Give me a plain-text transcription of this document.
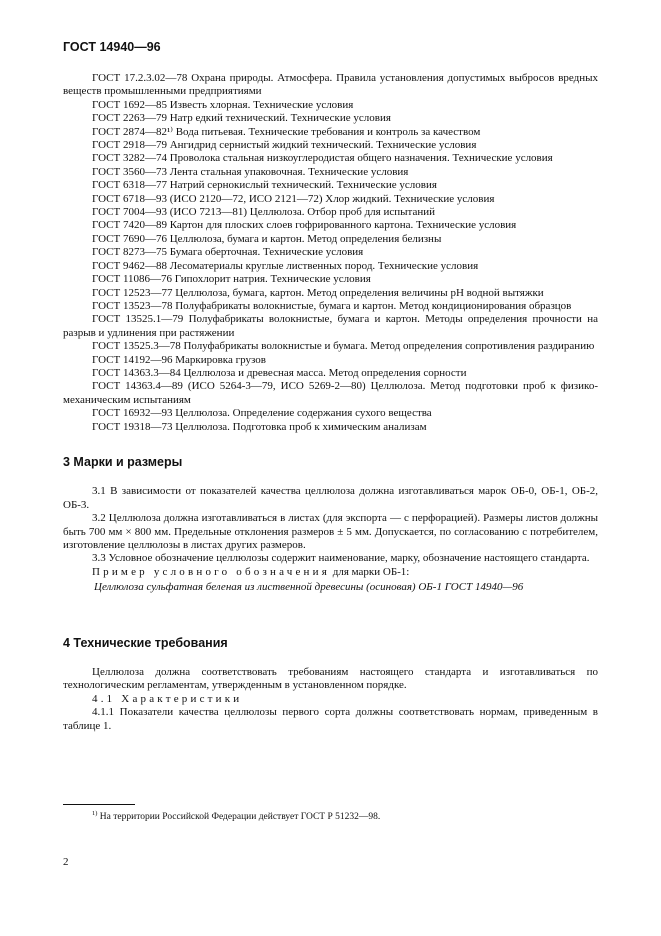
ГОСТ 14940—96

ГОСТ 17.2.3.02—78 Охрана природы. Атмосфера. Правила установления допустимых выбросов вредных веществ промышленными предприятиями

ГОСТ 1692—85 Известь хлорная. Технические условия

ГОСТ 2263—79 Натр едкий технический. Технические условия

ГОСТ 2874—82¹⁾ Вода питьевая. Технические требования и контроль за качеством

ГОСТ 2918—79 Ангидрид сернистый жидкий технический. Технические условия

ГОСТ 3282—74 Проволока стальная низкоуглеродистая общего назначения. Технические условия

ГОСТ 3560—73 Лента стальная упаковочная. Технические условия

ГОСТ 6318—77 Натрий сернокислый технический. Технические условия

ГОСТ 6718—93 (ИСО 2120—72, ИСО 2121—72) Хлор жидкий. Технические условия

ГОСТ 7004—93 (ИСО 7213—81) Целлюлоза. Отбор проб для испытаний

ГОСТ 7420—89 Картон для плоских слоев гофрированного картона. Технические условия

ГОСТ 7690—76 Целлюлоза, бумага и картон. Метод определения белизны

ГОСТ 8273—75 Бумага оберточная. Технические условия

ГОСТ 9462—88 Лесоматериалы круглые лиственных пород. Технические условия

ГОСТ 11086—76 Гипохлорит натрия. Технические условия

ГОСТ 12523—77 Целлюлоза, бумага, картон. Метод определения величины рН водной вытяжки

ГОСТ 13523—78 Полуфабрикаты волокнистые, бумага и картон. Метод кондиционирования образцов

ГОСТ 13525.1—79 Полуфабрикаты волокнистые, бумага и картон. Методы определения прочности на разрыв и удлинения при растяжении

ГОСТ 13525.3—78 Полуфабрикаты волокнистые и бумага. Метод определения сопротивления раздиранию

ГОСТ 14192—96 Маркировка грузов

ГОСТ 14363.3—84 Целлюлоза и древесная масса. Метод определения сорности

ГОСТ 14363.4—89 (ИСО 5264-3—79, ИСО 5269-2—80) Целлюлоза. Метод подготовки проб к физико-механическим испытаниям

ГОСТ 16932—93 Целлюлоза. Определение содержания сухого вещества

ГОСТ 19318—73 Целлюлоза. Подготовка проб к химическим анализам

3 Марки и размеры

3.1 В зависимости от показателей качества целлюлоза должна изготавливаться марок ОБ-0, ОБ-1, ОБ-2, ОБ-3.

3.2 Целлюлоза должна изготавливаться в листах (для экспорта — с перфорацией). Размеры листов должны быть 700 мм × 800 мм. Предельные отклонения размеров ± 5 мм. Допускается, по согласованию с потребителем, изготовление целлюлозы в листах других размеров.

3.3 Условное обозначение целлюлозы содержит наименование, марку, обозначение настоящего стандарта.

Пример условного обозначения для марки ОБ-1:

Целлюлоза сульфатная беленая из лиственной древесины (осиновая) ОБ-1 ГОСТ 14940—96

4 Технические требования

Целлюлоза должна соответствовать требованиям настоящего стандарта и изготавливаться по технологическим регламентам, утвержденным в установленном порядке.

4.1 Характеристики

4.1.1 Показатели качества целлюлозы первого сорта должны соответствовать нормам, приведенным в таблице 1.

$^{1)}$ На территории Российской Федерации действует ГОСТ Р 51232—98.
2
